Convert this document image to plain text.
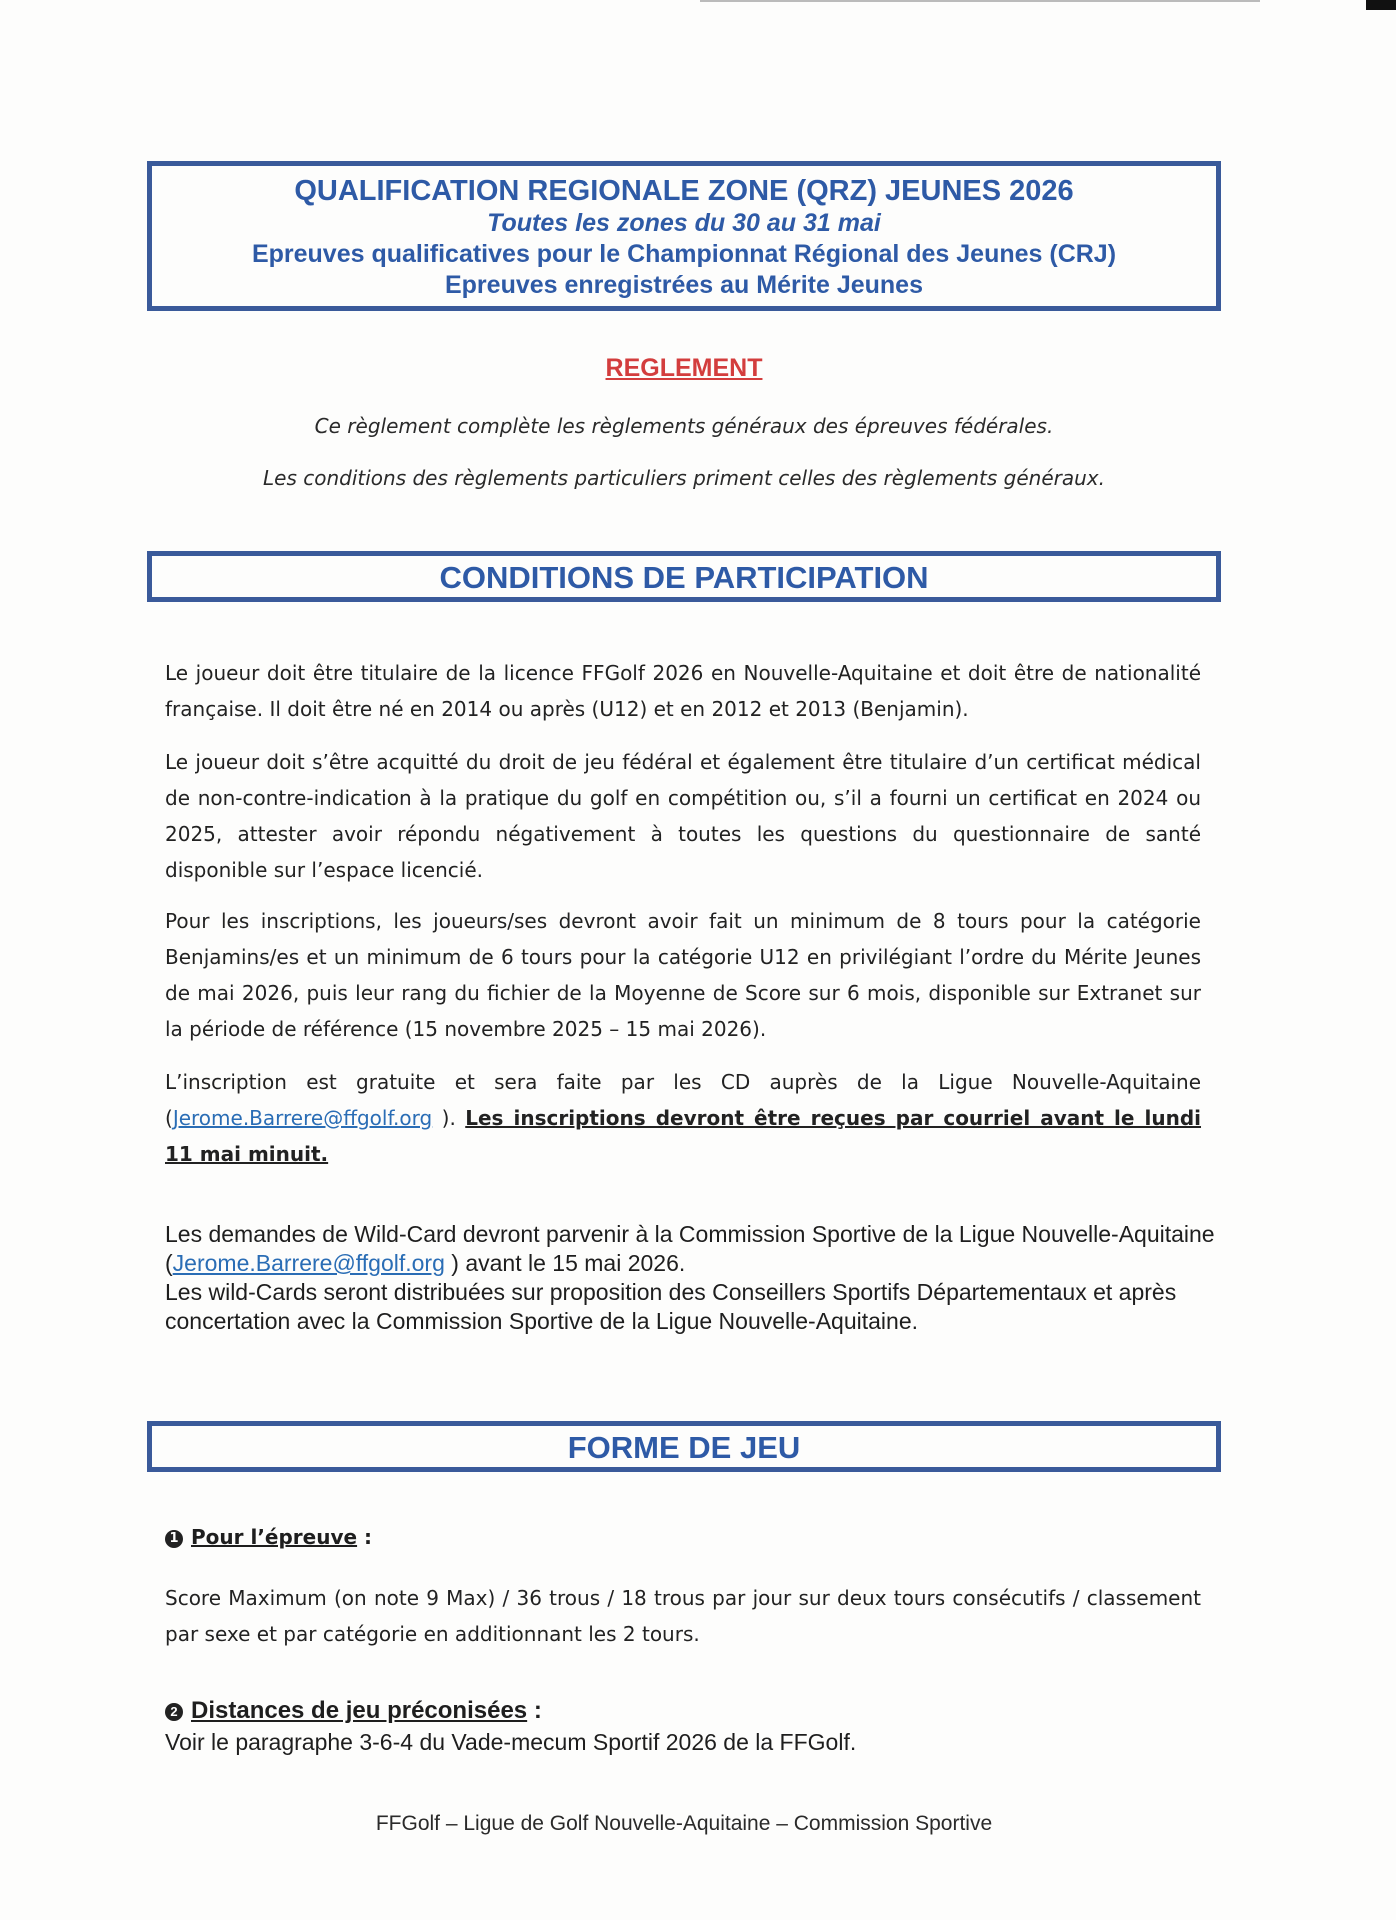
QUALIFICATION REGIONALE ZONE (QRZ) JEUNES 2026
Toutes les zones du 30 au 31 mai
Epreuves qualificatives pour le Championnat Régional des Jeunes (CRJ)
Epreuves enregistrées au Mérite Jeunes
REGLEMENT
Ce règlement complète les règlements généraux des épreuves fédérales.
Les conditions des règlements particuliers priment celles des règlements généraux.
CONDITIONS DE PARTICIPATION
Le joueur doit être titulaire de la licence FFGolf 2026 en Nouvelle-Aquitaine et doit être de nationalité française. Il doit être né en 2014 ou après (U12) et en 2012 et 2013 (Benjamin).
Le joueur doit s’être acquitté du droit de jeu fédéral et également être titulaire d’un certificat médical de non-contre-indication à la pratique du golf en compétition ou, s’il a fourni un certificat en 2024 ou 2025, attester avoir répondu négativement à toutes les questions du questionnaire de santé disponible sur l’espace licencié.
Pour les inscriptions, les joueurs/ses devront avoir fait un minimum de 8 tours pour la catégorie Benjamins/es et un minimum de 6 tours pour la catégorie U12 en privilégiant l’ordre du Mérite Jeunes de mai 2026, puis leur rang du fichier de la Moyenne de Score sur 6 mois, disponible sur Extranet sur la période de référence (15 novembre 2025 – 15 mai 2026).
L’inscription est gratuite et sera faite par les CD auprès de la Ligue Nouvelle-Aquitaine (Jerome.Barrere@ffgolf.org ). Les inscriptions devront être reçues par courriel avant le lundi 11 mai minuit.
Les demandes de Wild-Card devront parvenir à la Commission Sportive de la Ligue Nouvelle-Aquitaine (Jerome.Barrere@ffgolf.org ) avant le 15 mai 2026.
Les wild-Cards seront distribuées sur proposition des Conseillers Sportifs Départementaux et après concertation avec la Commission Sportive de la Ligue Nouvelle-Aquitaine.
FORME DE JEU
1 Pour l’épreuve :
Score Maximum (on note 9 Max) / 36 trous / 18 trous par jour sur deux tours consécutifs / classement par sexe et par catégorie en additionnant les 2 tours.
2 Distances de jeu préconisées :
Voir le paragraphe 3-6-4 du Vade-mecum Sportif 2026 de la FFGolf.
FFGolf – Ligue de Golf Nouvelle-Aquitaine – Commission Sportive
